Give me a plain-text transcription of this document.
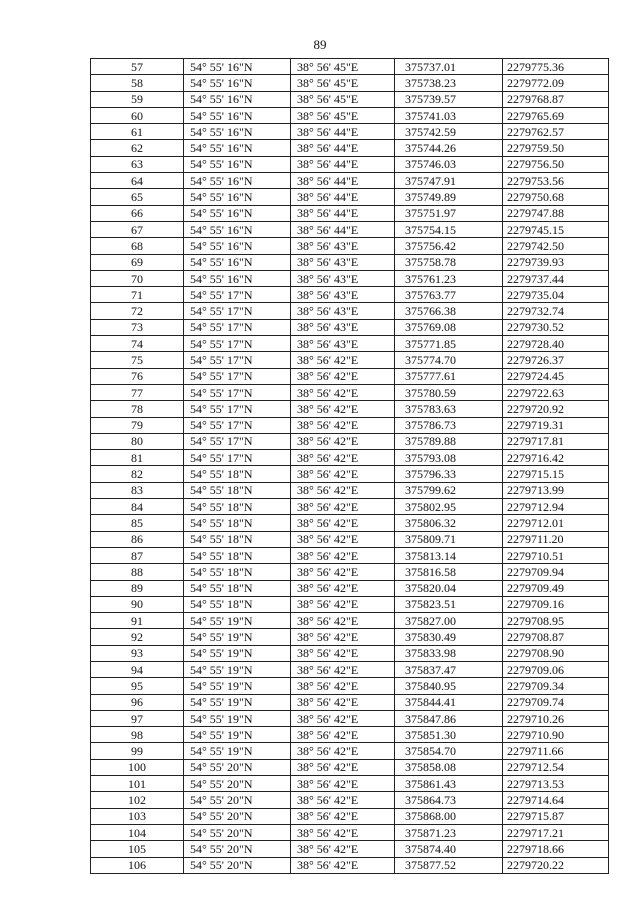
89
57	54° 55' 16"N	38° 56' 45"E	375737.01	2279775.36
58	54° 55' 16"N	38° 56' 45"E	375738.23	2279772.09
59	54° 55' 16"N	38° 56' 45"E	375739.57	2279768.87
60	54° 55' 16"N	38° 56' 45"E	375741.03	2279765.69
61	54° 55' 16"N	38° 56' 44"E	375742.59	2279762.57
62	54° 55' 16"N	38° 56' 44"E	375744.26	2279759.50
63	54° 55' 16"N	38° 56' 44"E	375746.03	2279756.50
64	54° 55' 16"N	38° 56' 44"E	375747.91	2279753.56
65	54° 55' 16"N	38° 56' 44"E	375749.89	2279750.68
66	54° 55' 16"N	38° 56' 44"E	375751.97	2279747.88
67	54° 55' 16"N	38° 56' 44"E	375754.15	2279745.15
68	54° 55' 16"N	38° 56' 43"E	375756.42	2279742.50
69	54° 55' 16"N	38° 56' 43"E	375758.78	2279739.93
70	54° 55' 16"N	38° 56' 43"E	375761.23	2279737.44
71	54° 55' 17"N	38° 56' 43"E	375763.77	2279735.04
72	54° 55' 17"N	38° 56' 43"E	375766.38	2279732.74
73	54° 55' 17"N	38° 56' 43"E	375769.08	2279730.52
74	54° 55' 17"N	38° 56' 43"E	375771.85	2279728.40
75	54° 55' 17"N	38° 56' 42"E	375774.70	2279726.37
76	54° 55' 17"N	38° 56' 42"E	375777.61	2279724.45
77	54° 55' 17"N	38° 56' 42"E	375780.59	2279722.63
78	54° 55' 17"N	38° 56' 42"E	375783.63	2279720.92
79	54° 55' 17"N	38° 56' 42"E	375786.73	2279719.31
80	54° 55' 17"N	38° 56' 42"E	375789.88	2279717.81
81	54° 55' 17"N	38° 56' 42"E	375793.08	2279716.42
82	54° 55' 18"N	38° 56' 42"E	375796.33	2279715.15
83	54° 55' 18"N	38° 56' 42"E	375799.62	2279713.99
84	54° 55' 18"N	38° 56' 42"E	375802.95	2279712.94
85	54° 55' 18"N	38° 56' 42"E	375806.32	2279712.01
86	54° 55' 18"N	38° 56' 42"E	375809.71	2279711.20
87	54° 55' 18"N	38° 56' 42"E	375813.14	2279710.51
88	54° 55' 18"N	38° 56' 42"E	375816.58	2279709.94
89	54° 55' 18"N	38° 56' 42"E	375820.04	2279709.49
90	54° 55' 18"N	38° 56' 42"E	375823.51	2279709.16
91	54° 55' 19"N	38° 56' 42"E	375827.00	2279708.95
92	54° 55' 19"N	38° 56' 42"E	375830.49	2279708.87
93	54° 55' 19"N	38° 56' 42"E	375833.98	2279708.90
94	54° 55' 19"N	38° 56' 42"E	375837.47	2279709.06
95	54° 55' 19"N	38° 56' 42"E	375840.95	2279709.34
96	54° 55' 19"N	38° 56' 42"E	375844.41	2279709.74
97	54° 55' 19"N	38° 56' 42"E	375847.86	2279710.26
98	54° 55' 19"N	38° 56' 42"E	375851.30	2279710.90
99	54° 55' 19"N	38° 56' 42"E	375854.70	2279711.66
100	54° 55' 20"N	38° 56' 42"E	375858.08	2279712.54
101	54° 55' 20"N	38° 56' 42"E	375861.43	2279713.53
102	54° 55' 20"N	38° 56' 42"E	375864.73	2279714.64
103	54° 55' 20"N	38° 56' 42"E	375868.00	2279715.87
104	54° 55' 20"N	38° 56' 42"E	375871.23	2279717.21
105	54° 55' 20"N	38° 56' 42"E	375874.40	2279718.66
106	54° 55' 20"N	38° 56' 42"E	375877.52	2279720.22
